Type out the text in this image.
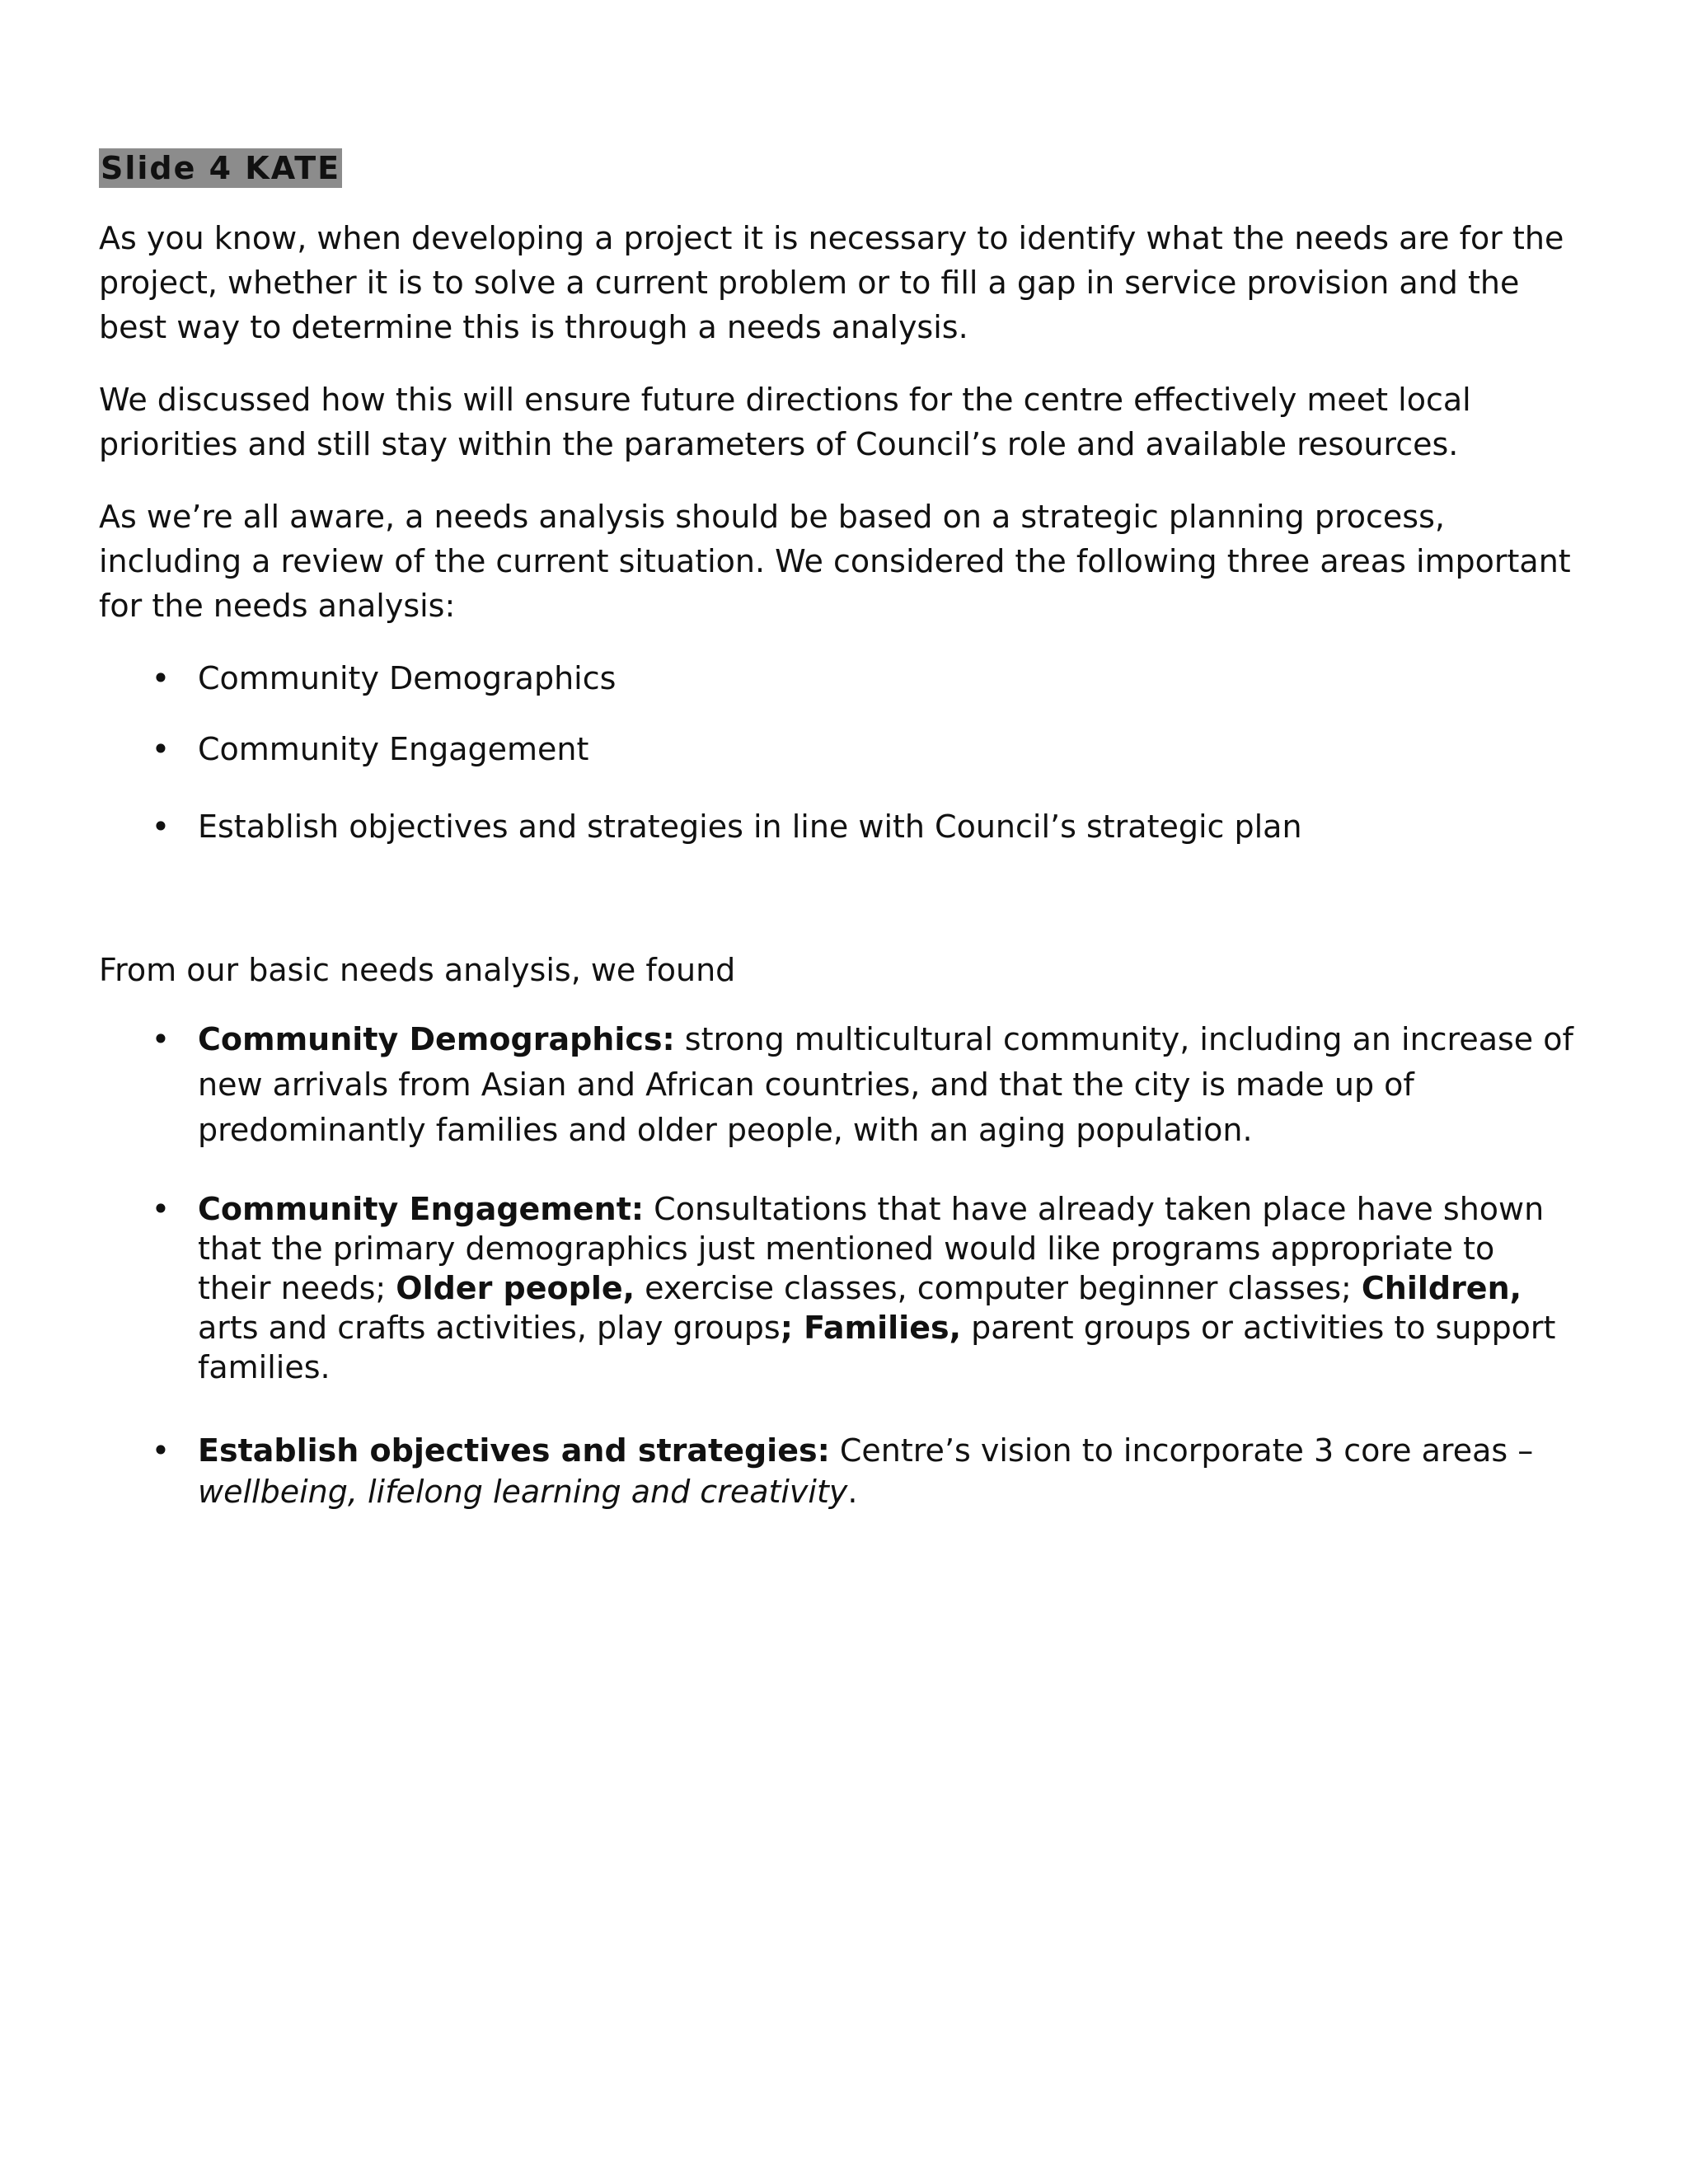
Slide 4 KATE

As you know, when developing a project it is necessary to identify what the needs are for the project, whether it is to solve a current problem or to fill a gap in service provision and the best way to determine this is through a needs analysis.

We discussed how this will ensure future directions for the centre effectively meet local priorities and still stay within the parameters of Council’s role and available resources.

As we’re all aware, a needs analysis should be based on a strategic planning process, including a review of the current situation. We considered the following three areas important for the needs analysis:

• Community Demographics
• Community Engagement
• Establish objectives and strategies in line with Council’s strategic plan

From our basic needs analysis, we found

• Community Demographics: strong multicultural community, including an increase of new arrivals from Asian and African countries, and that the city is made up of predominantly families and older people, with an aging population.
• Community Engagement: Consultations that have already taken place have shown that the primary demographics just mentioned would like programs appropriate to their needs; Older people, exercise classes, computer beginner classes; Children, arts and crafts activities, play groups; Families, parent groups or activities to support families.
• Establish objectives and strategies: Centre’s vision to incorporate 3 core areas – wellbeing, lifelong learning and creativity.
